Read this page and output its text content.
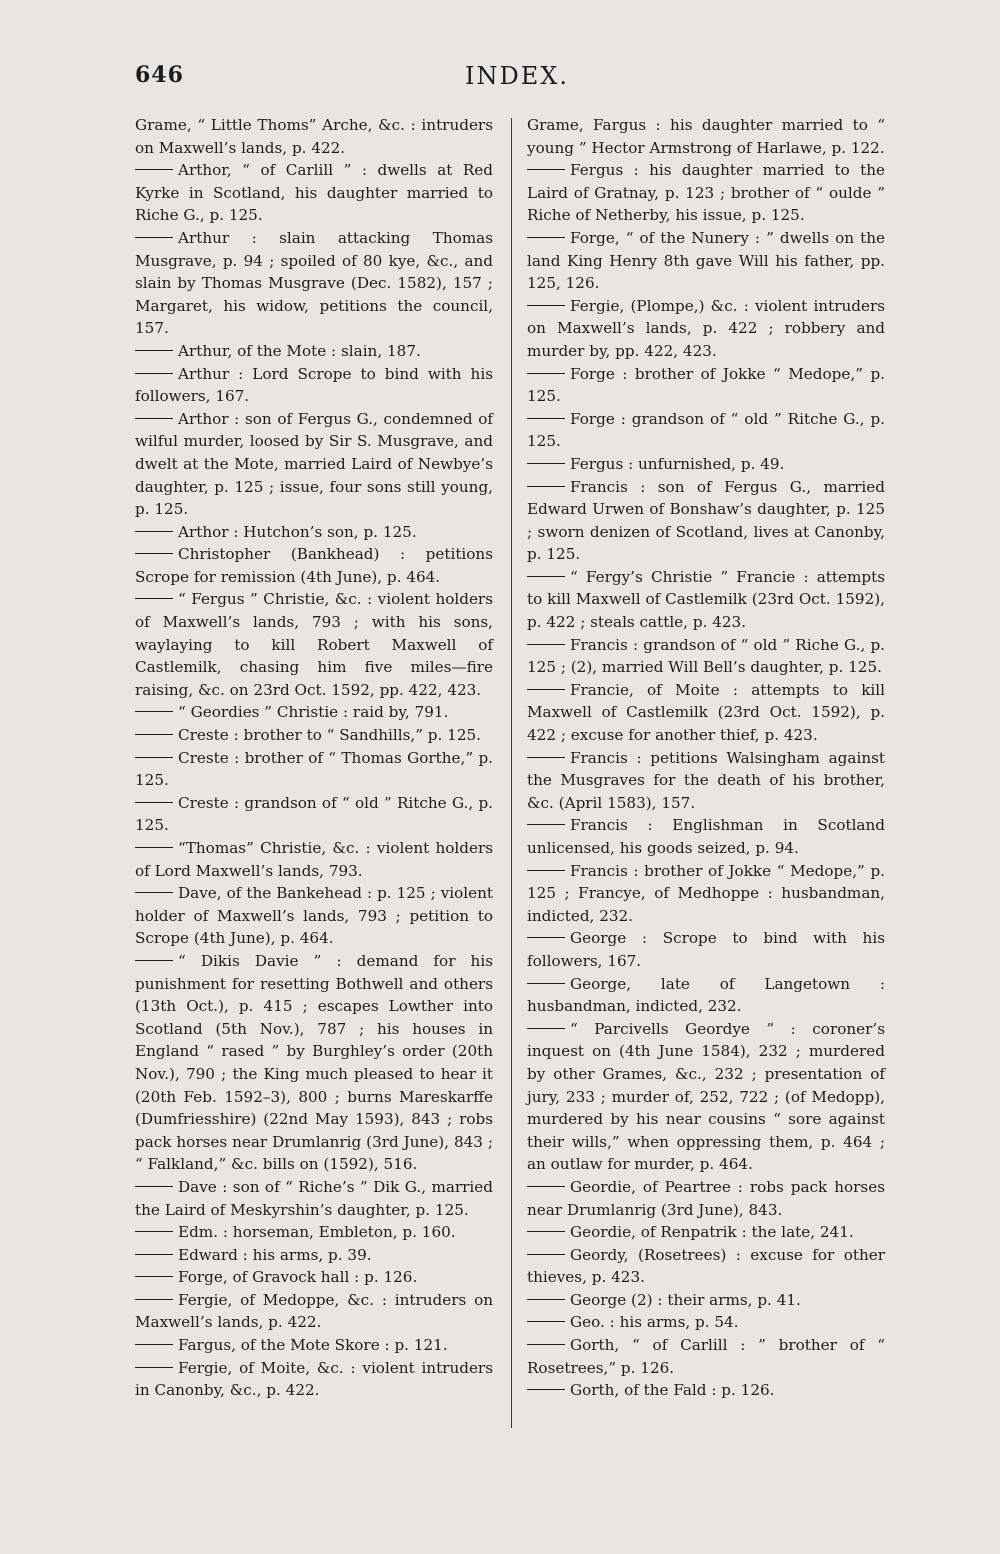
646	INDEX.

Grame, “ Little Thoms” Arche, &c. : intruders on Maxwell’s lands, p. 422.

Arthor, “ of Carlill ” : dwells at Red Kyrke in Scotland, his daughter married to Riche G., p. 125.

Arthur : slain attacking Thomas Musgrave, p. 94 ; spoiled of 80 kye, &c., and slain by Thomas Musgrave (Dec. 1582), 157 ; Margaret, his widow, petitions the council, 157.

Arthur, of the Mote : slain, 187.

Arthur : Lord Scrope to bind with his followers, 167.

Arthor : son of Fergus G., condemned of wilful murder, loosed by Sir S. Musgrave, and dwelt at the Mote, married Laird of Newbye’s daughter, p. 125 ; issue, four sons still young, p. 125.

Arthor : Hutchon’s son, p. 125.

Christopher (Bankhead) : petitions Scrope for remission (4th June), p. 464.

“ Fergus ” Christie, &c. : violent holders of Maxwell’s lands, 793 ; with his sons, waylaying to kill Robert Maxwell of Castlemilk, chasing him five miles—fire raising, &c. on 23rd Oct. 1592, pp. 422, 423.

“ Geordies ” Christie : raid by, 791.

Creste : brother to “ Sandhills,” p. 125.

Creste : brother of “ Thomas Gorthe,” p. 125.

Creste : grandson of “ old ” Ritche G., p. 125.

“Thomas” Christie, &c. : violent holders of Lord Maxwell’s lands, 793.

Dave, of the Bankehead : p. 125 ; violent holder of Maxwell’s lands, 793 ; petition to Scrope (4th June), p. 464.

“ Dikis Davie ” : demand for his punishment for resetting Bothwell and others (13th Oct.), p. 415 ; escapes Lowther into Scotland (5th Nov.), 787 ; his houses in England “ rased ” by Burghley’s order (20th Nov.), 790 ; the King much pleased to hear it (20th Feb. 1592–3), 800 ; burns Mareskarffe (Dumfriesshire) (22nd May 1593), 843 ; robs pack horses near Drumlanrig (3rd June), 843 ; “ Falkland,” &c. bills on (1592), 516.

Dave : son of “ Riche’s ” Dik G., married the Laird of Meskyrshin’s daughter, p. 125.

Edm. : horseman, Embleton, p. 160.

Edward : his arms, p. 39.

Forge, of Gravock hall : p. 126.

Fergie, of Medoppe, &c. : intruders on Maxwell’s lands, p. 422.

Fargus, of the Mote Skore : p. 121.

Fergie, of Moite, &c. : violent intruders in Canonby, &c., p. 422.

Grame, Fargus : his daughter married to “ young ” Hector Armstrong of Harlawe, p. 122.

Fergus : his daughter married to the Laird of Gratnay, p. 123 ; brother of “ oulde ” Riche of Netherby, his issue, p. 125.

Forge, “ of the Nunery : ” dwells on the land King Henry 8th gave Will his father, pp. 125, 126.

Fergie, (Plompe,) &c. : violent intruders on Maxwell’s lands, p. 422 ; robbery and murder by, pp. 422, 423.

Forge : brother of Jokke “ Medope,” p. 125.

Forge : grandson of “ old ” Ritche G., p. 125.

Fergus : unfurnished, p. 49.

Francis : son of Fergus G., married Edward Urwen of Bonshaw’s daughter, p. 125 ; sworn denizen of Scotland, lives at Canonby, p. 125.

“ Fergy’s Christie ” Francie : attempts to kill Maxwell of Castlemilk (23rd Oct. 1592), p. 422 ; steals cattle, p. 423.

Francis : grandson of “ old ” Riche G., p. 125 ; (2), married Will Bell’s daughter, p. 125.

Francie, of Moite : attempts to kill Maxwell of Castlemilk (23rd Oct. 1592), p. 422 ; excuse for another thief, p. 423.

Francis : petitions Walsingham against the Musgraves for the death of his brother, &c. (April 1583), 157.

Francis : Englishman in Scotland unlicensed, his goods seized, p. 94.

Francis : brother of Jokke “ Medope,” p. 125 ; Francye, of Medhoppe : husbandman, indicted, 232.

George : Scrope to bind with his followers, 167.

George, late of Langetown : husbandman, indicted, 232.

“ Parcivells Geordye ” : coroner’s inquest on (4th June 1584), 232 ; murdered by other Grames, &c., 232 ; presentation of jury, 233 ; murder of, 252, 722 ; (of Medopp), murdered by his near cousins “ sore against their wills,” when oppressing them, p. 464 ; an outlaw for murder, p. 464.

Geordie, of Peartree : robs pack horses near Drumlanrig (3rd June), 843.

Geordie, of Renpatrik : the late, 241.

Geordy, (Rosetrees) : excuse for other thieves, p. 423.

George (2) : their arms, p. 41.

Geo. : his arms, p. 54.

Gorth, “ of Carlill : ” brother of “ Rosetrees,” p. 126.

Gorth, of the Fald : p. 126.
